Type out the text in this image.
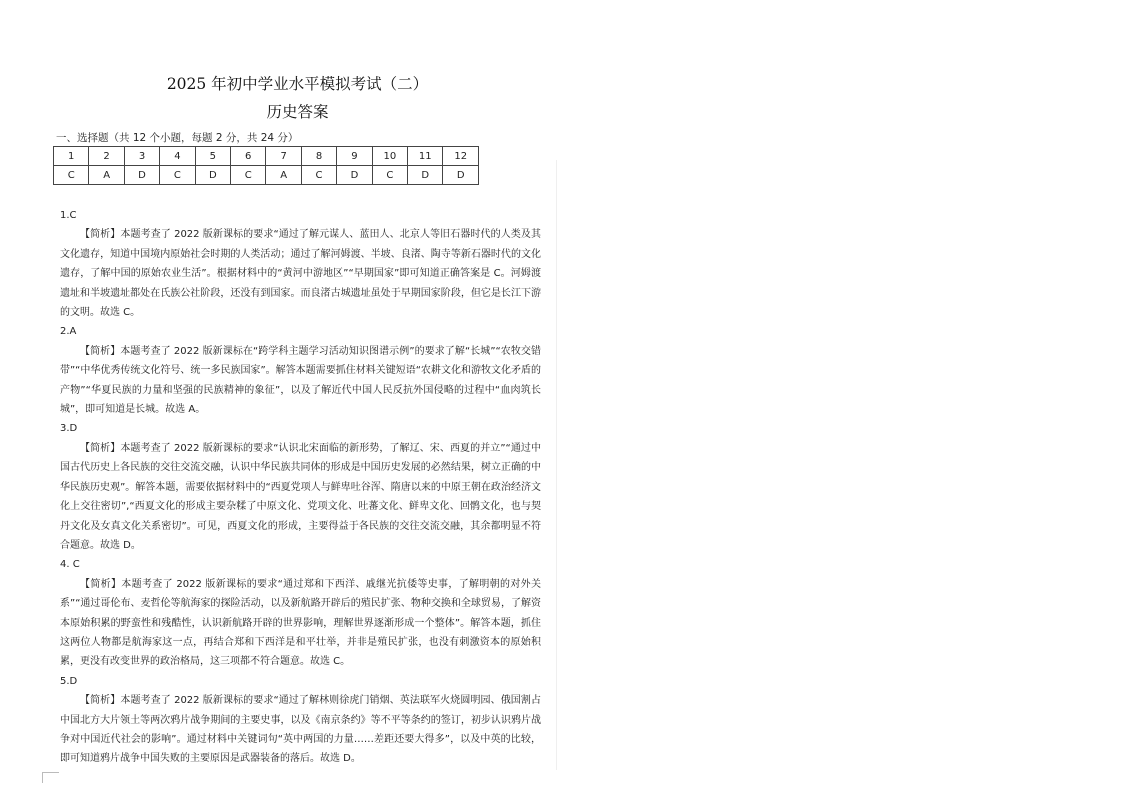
2025 年初中学业水平模拟考试（二）
历史答案
一、选择题（共 12 个小题，每题 2 分，共 24 分）
1	2	3	4	5	6	7	8	9	10	11	12
C	A	D	C	D	C	A	C	D	C	D	D

1.C

【简析】本题考查了 2022 版新课标的要求“通过了解元谋人、蓝田人、北京人等旧石器时代的人类及其文化遗存，知道中国境内原始社会时期的人类活动；通过了解河姆渡、半坡、良渚、陶寺等新石器时代的文化遗存，了解中国的原始农业生活”。根据材料中的“黄河中游地区”“早期国家”即可知道正确答案是 C。河姆渡遗址和半坡遗址都处在氏族公社阶段，还没有到国家。而良渚古城遗址虽处于早期国家阶段，但它是长江下游的文明。故选 C。

2.A

【简析】本题考查了 2022 版新课标在“跨学科主题学习活动知识图谱示例”的要求了解“长城”“农牧交错带”“中华优秀传统文化符号、统一多民族国家”。解答本题需要抓住材料关键短语“农耕文化和游牧文化矛盾的产物”“华夏民族的力量和坚强的民族精神的象征”，以及了解近代中国人民反抗外国侵略的过程中“血肉筑长城”，即可知道是长城。故选 A。

3.D

【简析】本题考查了 2022 版新课标的要求“认识北宋面临的新形势，了解辽、宋、西夏的并立”“通过中国古代历史上各民族的交往交流交融，认识中华民族共同体的形成是中国历史发展的必然结果，树立正确的中华民族历史观”。解答本题，需要依据材料中的“西夏党项人与鲜卑吐谷浑、隋唐以来的中原王朝在政治经济文化上交往密切”,“西夏文化的形成主要杂糅了中原文化、党项文化、吐蕃文化、鲜卑文化、回鹘文化，也与契丹文化及女真文化关系密切”。可见，西夏文化的形成，主要得益于各民族的交往交流交融，其余都明显不符合题意。故选 D。

4. C

【简析】本题考查了 2022 版新课标的要求“通过郑和下西洋、戚继光抗倭等史事，了解明朝的对外关系”“通过哥伦布、麦哲伦等航海家的探险活动，以及新航路开辟后的殖民扩张、物种交换和全球贸易，了解资本原始积累的野蛮性和残酷性，认识新航路开辟的世界影响，理解世界逐渐形成一个整体”。解答本题，抓住这两位人物都是航海家这一点，再结合郑和下西洋是和平壮举，并非是殖民扩张，也没有刺激资本的原始积累，更没有改变世界的政治格局，这三项都不符合题意。故选 C。

5.D

【简析】本题考查了 2022 版新课标的要求“通过了解林则徐虎门销烟、英法联军火烧圆明园、俄国割占中国北方大片领土等两次鸦片战争期间的主要史事，以及《南京条约》等不平等条约的签订，初步认识鸦片战争对中国近代社会的影响”。通过材料中关键词句“英中两国的力量……差距还要大得多”，以及中英的比较，即可知道鸦片战争中国失败的主要原因是武器装备的落后。故选 D。
